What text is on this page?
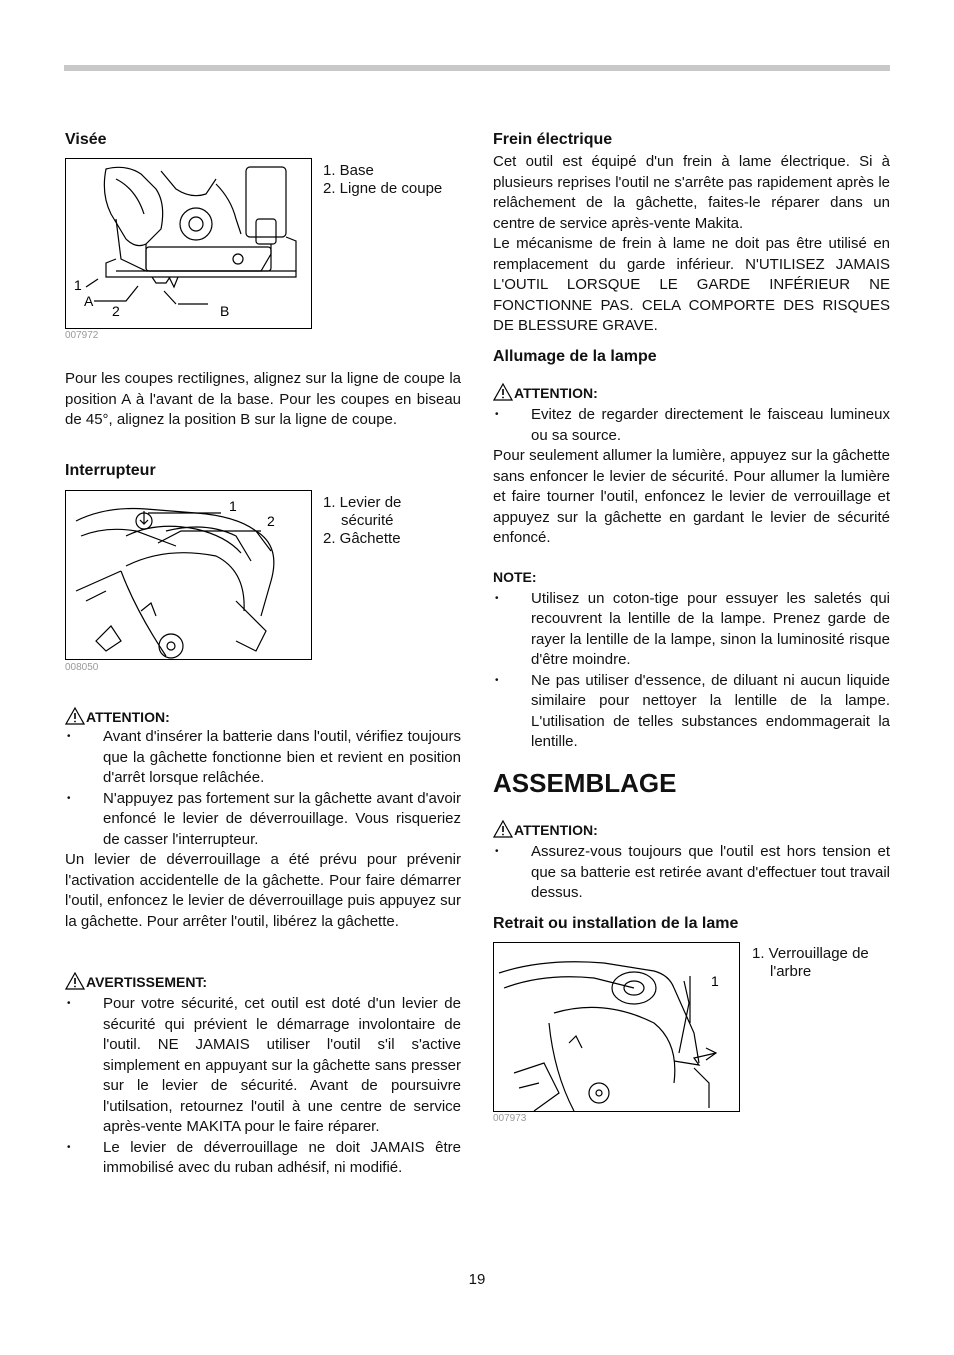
Visée
1
A
2	B
1. Base
2. Ligne de coupe
007972

Pour les coupes rectilignes, alignez sur la ligne de coupe la position A à l'avant de la base. Pour les coupes en biseau de 45°, alignez la position B sur la ligne de coupe.

Interrupteur
1
2
1. Levier de
sécurité
2. Gâchette
008050
ATTENTION:
• Avant d'insérer la batterie dans l'outil, vérifiez toujours que la gâchette fonctionne bien et revient en position d'arrêt lorsque relâchée.
• N'appuyez pas fortement sur la gâchette avant d'avoir enfoncé le levier de déverrouillage. Vous risqueriez de casser l'interrupteur.

Un levier de déverrouillage a été prévu pour prévenir l'activation accidentelle de la gâchette. Pour faire démarrer l'outil, enfoncez le levier de déverrouillage puis appuyez sur la gâchette. Pour arrêter l'outil, libérez la gâchette.

AVERTISSEMENT:
• Pour votre sécurité, cet outil est doté d'un levier de sécurité qui prévient le démarrage involontaire de l'outil. NE JAMAIS utiliser l'outil s'il s'active simplement en appuyant sur la gâchette sans presser sur le levier de sécurité. Avant de poursuivre l'utilsation, retournez l'outil à une centre de service après-vente MAKITA pour le faire réparer.
• Le levier de déverrouillage ne doit JAMAIS être immobilisé avec du ruban adhésif, ni modifié.
Frein électrique

Cet outil est équipé d'un frein à lame électrique. Si à plusieurs reprises l'outil ne s'arrête pas rapidement après le relâchement de la gâchette, faites-le réparer dans un centre de service après-vente Makita.

Le mécanisme de frein à lame ne doit pas être utilisé en remplacement du garde inférieur. N'UTILISEZ JAMAIS L'OUTIL LORSQUE LE GARDE INFÉRIEUR NE FONCTIONNE PAS. CELA COMPORTE DES RISQUES DE BLESSURE GRAVE.

Allumage de la lampe
ATTENTION:
• Evitez de regarder directement le faisceau lumineux ou sa source.

Pour seulement allumer la lumière, appuyez sur la gâchette sans enfoncer le levier de sécurité. Pour allumer la lumière et faire tourner l'outil, enfoncez le levier de verrouillage et appuyez sur la gâchette en gardant le levier de sécurité enfoncé.

NOTE:
• Utilisez un coton-tige pour essuyer les saletés qui recouvrent la lentille de la lampe. Prenez garde de rayer la lentille de la lampe, sinon la luminosité risque d'être moindre.
• Ne pas utiliser d'essence, de diluant ni aucun liquide similaire pour nettoyer la lentille de la lampe. L'utilisation de telles substances endommagerait la lentille.
ASSEMBLAGE
ATTENTION:
• Assurez-vous toujours que l'outil est hors tension et que sa batterie est retirée avant d'effectuer tout travail dessus.
Retrait ou installation de la lame
1
1. Verrouillage de
l'arbre
007973
19
